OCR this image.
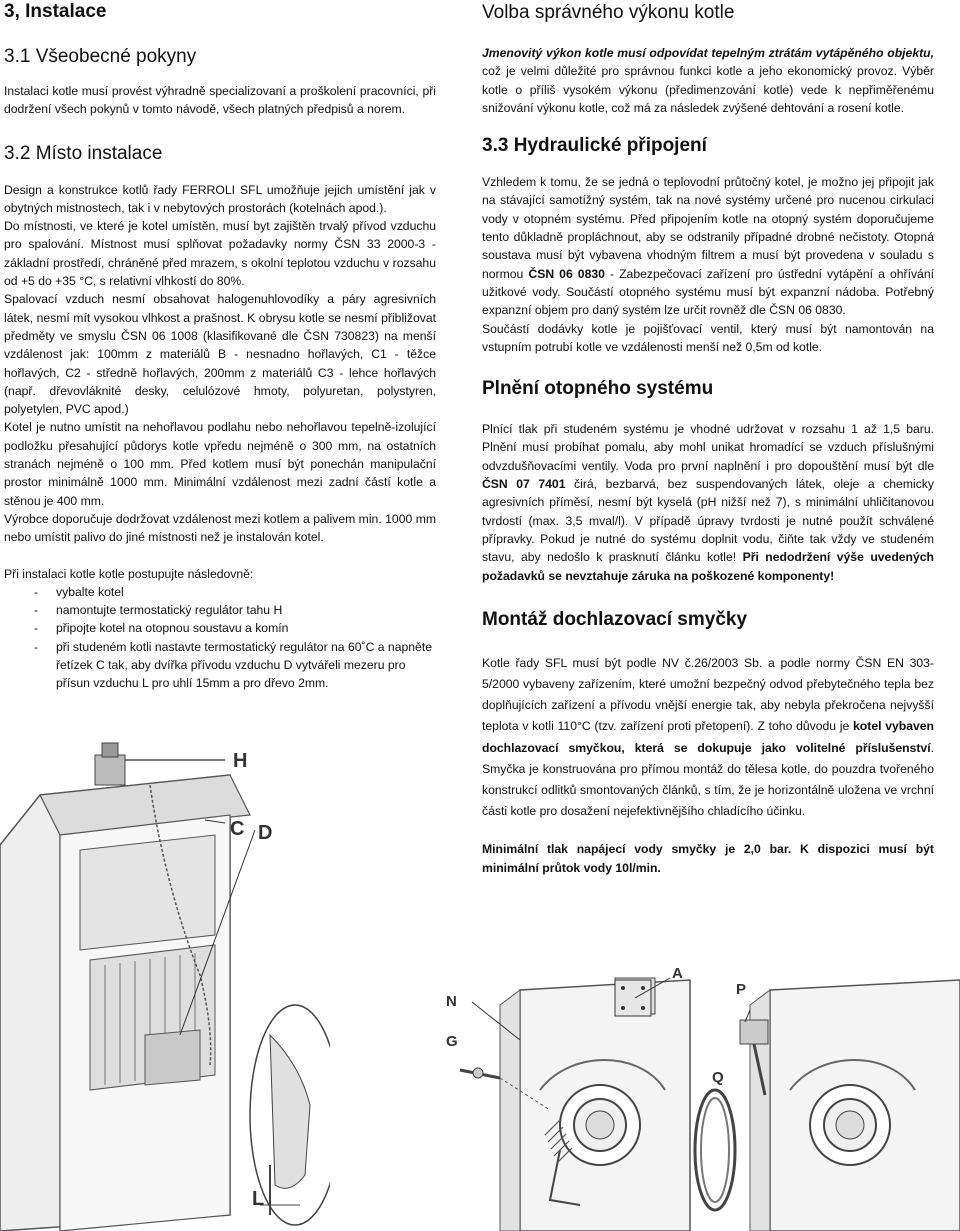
3, Instalace
3.1 Všeobecné pokyny

Instalaci kotle musí provést výhradně specializovaní a proškolení pracovníci, při dodržení všech pokynů v tomto návodě, všech platných předpisů a norem.

3.2 Místo instalace

Design a konstrukce kotlů řady FERROLI SFL umožňuje jejich umístění jak v obytných mistnostech, tak i v nebytových prostorách (kotelnách apod.).

Do místnosti, ve které je kotel umístěn, musí byt zajištěn trvalý přívod vzduchu pro spalování. Místnost musí splňovat požadavky normy ČSN 33 2000-3 - základní prostředí, chráněné před mrazem, s okolní teplotou vzduchu v rozsahu od +5 do +35 °C, s relativní vlhkostí do 80%.

Spalovací vzduch nesmí obsahovat halogenuhlovodíky a páry agresivních látek, nesmí mít vysokou vlhkost a prašnost. K obrysu kotle se nesmí přibližovat předměty ve smyslu ČSN 06 1008 (klasifikované dle ČSN 730823) na menší vzdálenost jak: 100mm z materiálů B - nesnadno hořlavých, C1 - těžce hořlavých, C2 - středně hořlavých, 200mm z materiálů C3 - lehce hořlavých (např. dřevovláknité desky, celulózové hmoty, polyuretan, polystyren, polyetylen, PVC apod.)

Kotel je nutno umístit na nehořlavou podlahu nebo nehořlavou tepelně-izolující podložku přesahující půdorys kotle vpředu nejméně o 300 mm, na ostatních stranách nejméně o 100 mm. Před kotlem musí být ponechán manipulační prostor minimálně 1000 mm. Minimální vzdálenost mezi zadní částí kotle a stěnou je 400 mm.

Výrobce doporučuje dodržovat vzdálenost mezi kotlem a palivem min. 1000 mm nebo umístit palivo do jiné místnosti než je instalován kotel.

Při instalaci kotle kotle postupujte následovně:

- vybalte kotel
- namontujte termostatický regulátor tahu H
- připojte kotel na otopnou soustavu a komín
- při studeném kotli nastavte termostatický regulátor na 60˚C a napněte řetízek C tak, aby dvířka přívodu vzduchu D vytvářeli mezeru pro přísun vzduchu L pro uhlí 15mm a pro dřevo 2mm.
H
C D
L
Volba správného výkonu kotle

Jmenovitý výkon kotle musí odpovídat tepelným ztrátám vytápěného objektu, což je velmi důležité pro správnou funkci kotle a jeho ekonomický provoz. Výběr kotle o příliš vysokém výkonu (předimenzování kotle) vede k nepřiměřenému snižování výkonu kotle, což má za následek zvýšené dehtování a rosení kotle.

3.3 Hydraulické připojení

Vzhledem k tomu, že se jedná o teplovodní průtočný kotel, je možno jej připojit jak na stávající samotížný systém, tak na nové systémy určené pro nucenou cirkulaci vody v otopném systému. Před připojením kotle na otopný systém doporučujeme tento důkladně propláchnout, aby se odstranily případné drobné nečistoty. Otopná soustava musí být vybavena vhodným filtrem a musí být provedena v souladu s normou ČSN 06 0830 - Zabezpečovací zařízení pro ústřední vytápění a ohřívání užitkové vody. Součástí otopného systému musí být expanzní nádoba. Potřebný expanzní objem pro daný systém lze určit rovněž dle ČSN 06 0830.

Součástí dodávky kotle je pojišťovací ventil, který musí být namontován na vstupním potrubí kotle ve vzdálenosti menší než 0,5m od kotle.

Plnění otopného systému

Plnící tlak při studeném systému je vhodné udržovat v rozsahu 1 až 1,5 baru. Plnění musí probíhat pomalu, aby mohl unikat hromadící se vzduch příslušnými odvzdušňovacími ventily. Voda pro první naplnění i pro dopouštění musí být dle ČSN 07 7401 čirá, bezbarvá, bez suspendovaných látek, oleje a chemicky agresivních příměsí, nesmí být kyselá (pH nižší než 7), s minimální uhličitanovou tvrdostí (max. 3,5 mval/l). V případě úpravy tvrdosti je nutné použít schválené přípravky. Pokud je nutné do systému doplnit vodu, čiňte tak vždy ve studeném stavu, aby nedošlo k prasknutí článku kotle! Při nedodržení výše uvedených požadavků se nevztahuje záruka na poškozené komponenty!

Montáž dochlazovací smyčky

Kotle řady SFL musí být podle NV č.26/2003 Sb. a podle normy ČSN EN 303-5/2000 vybaveny zařízením, které umožní bezpečný odvod přebytečného tepla bez doplňujících zařízení a přívodu vnější energie tak, aby nebyla překročena nejvyšší teplota v kotli 110°C (tzv. zařízení proti přetopení). Z toho důvodu je kotel vybaven dochlazovací smyčkou, která se dokupuje jako volitelné příslušenství. Smyčka je konstruována pro přímou montáž do tělesa kotle, do pouzdra tvořeného konstrukcí odlitků smontovaných článků, s tím, že je horizontálně uložena ve vrchní části kotle pro dosažení nejefektivnějšího chladícího účinku.

Minimální tlak napájecí vody smyčky je 2,0 bar. K dispozici musí být minimální průtok vody 10l/min.

A
N
G
P
Q
